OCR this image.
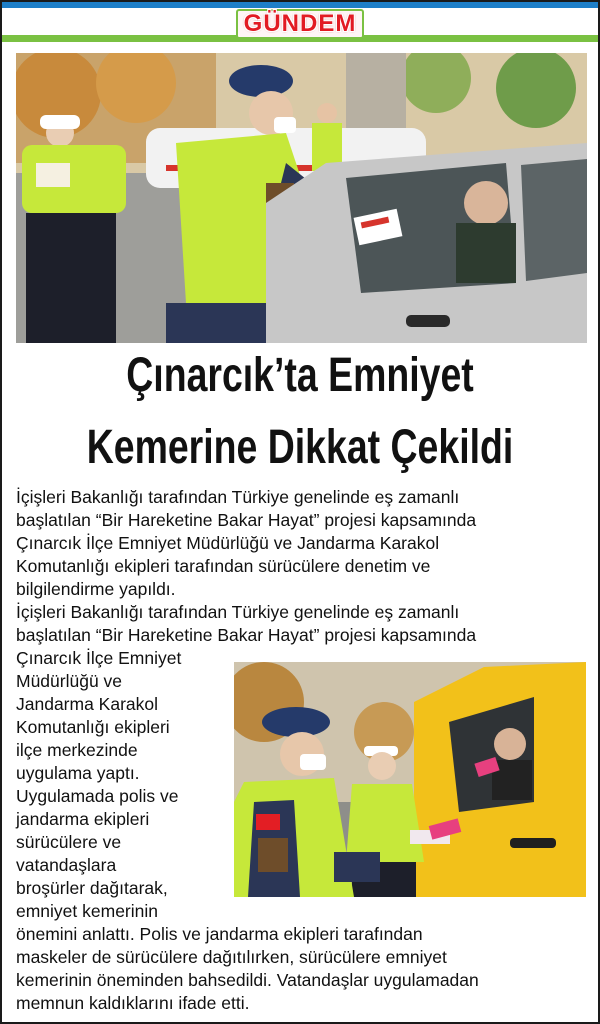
GÜNDEM
Çınarcık’ta Emniyet
Kemerine Dikkat Çekildi

İçişleri Bakanlığı tarafından Türkiye genelinde eş zamanlı

başlatılan “Bir Hareketine Bakar Hayat” projesi kapsamında

Çınarcık İlçe Emniyet Müdürlüğü ve Jandarma Karakol

Komutanlığı ekipleri tarafından sürücülere denetim ve

bilgilendirme yapıldı.

İçişleri Bakanlığı tarafından Türkiye genelinde eş zamanlı

başlatılan “Bir Hareketine Bakar Hayat” projesi kapsamında

Çınarcık İlçe Emniyet

Müdürlüğü ve

Jandarma Karakol

Komutanlığı ekipleri

ilçe merkezinde

uygulama yaptı.

Uygulamada polis ve

jandarma ekipleri

sürücülere ve

vatandaşlara

broşürler dağıtarak,

emniyet kemerinin

önemini anlattı. Polis ve jandarma ekipleri tarafından

maskeler de sürücülere dağıtılırken, sürücülere emniyet

kemerinin öneminden bahsedildi. Vatandaşlar uygulamadan

memnun kaldıklarını ifade etti.
